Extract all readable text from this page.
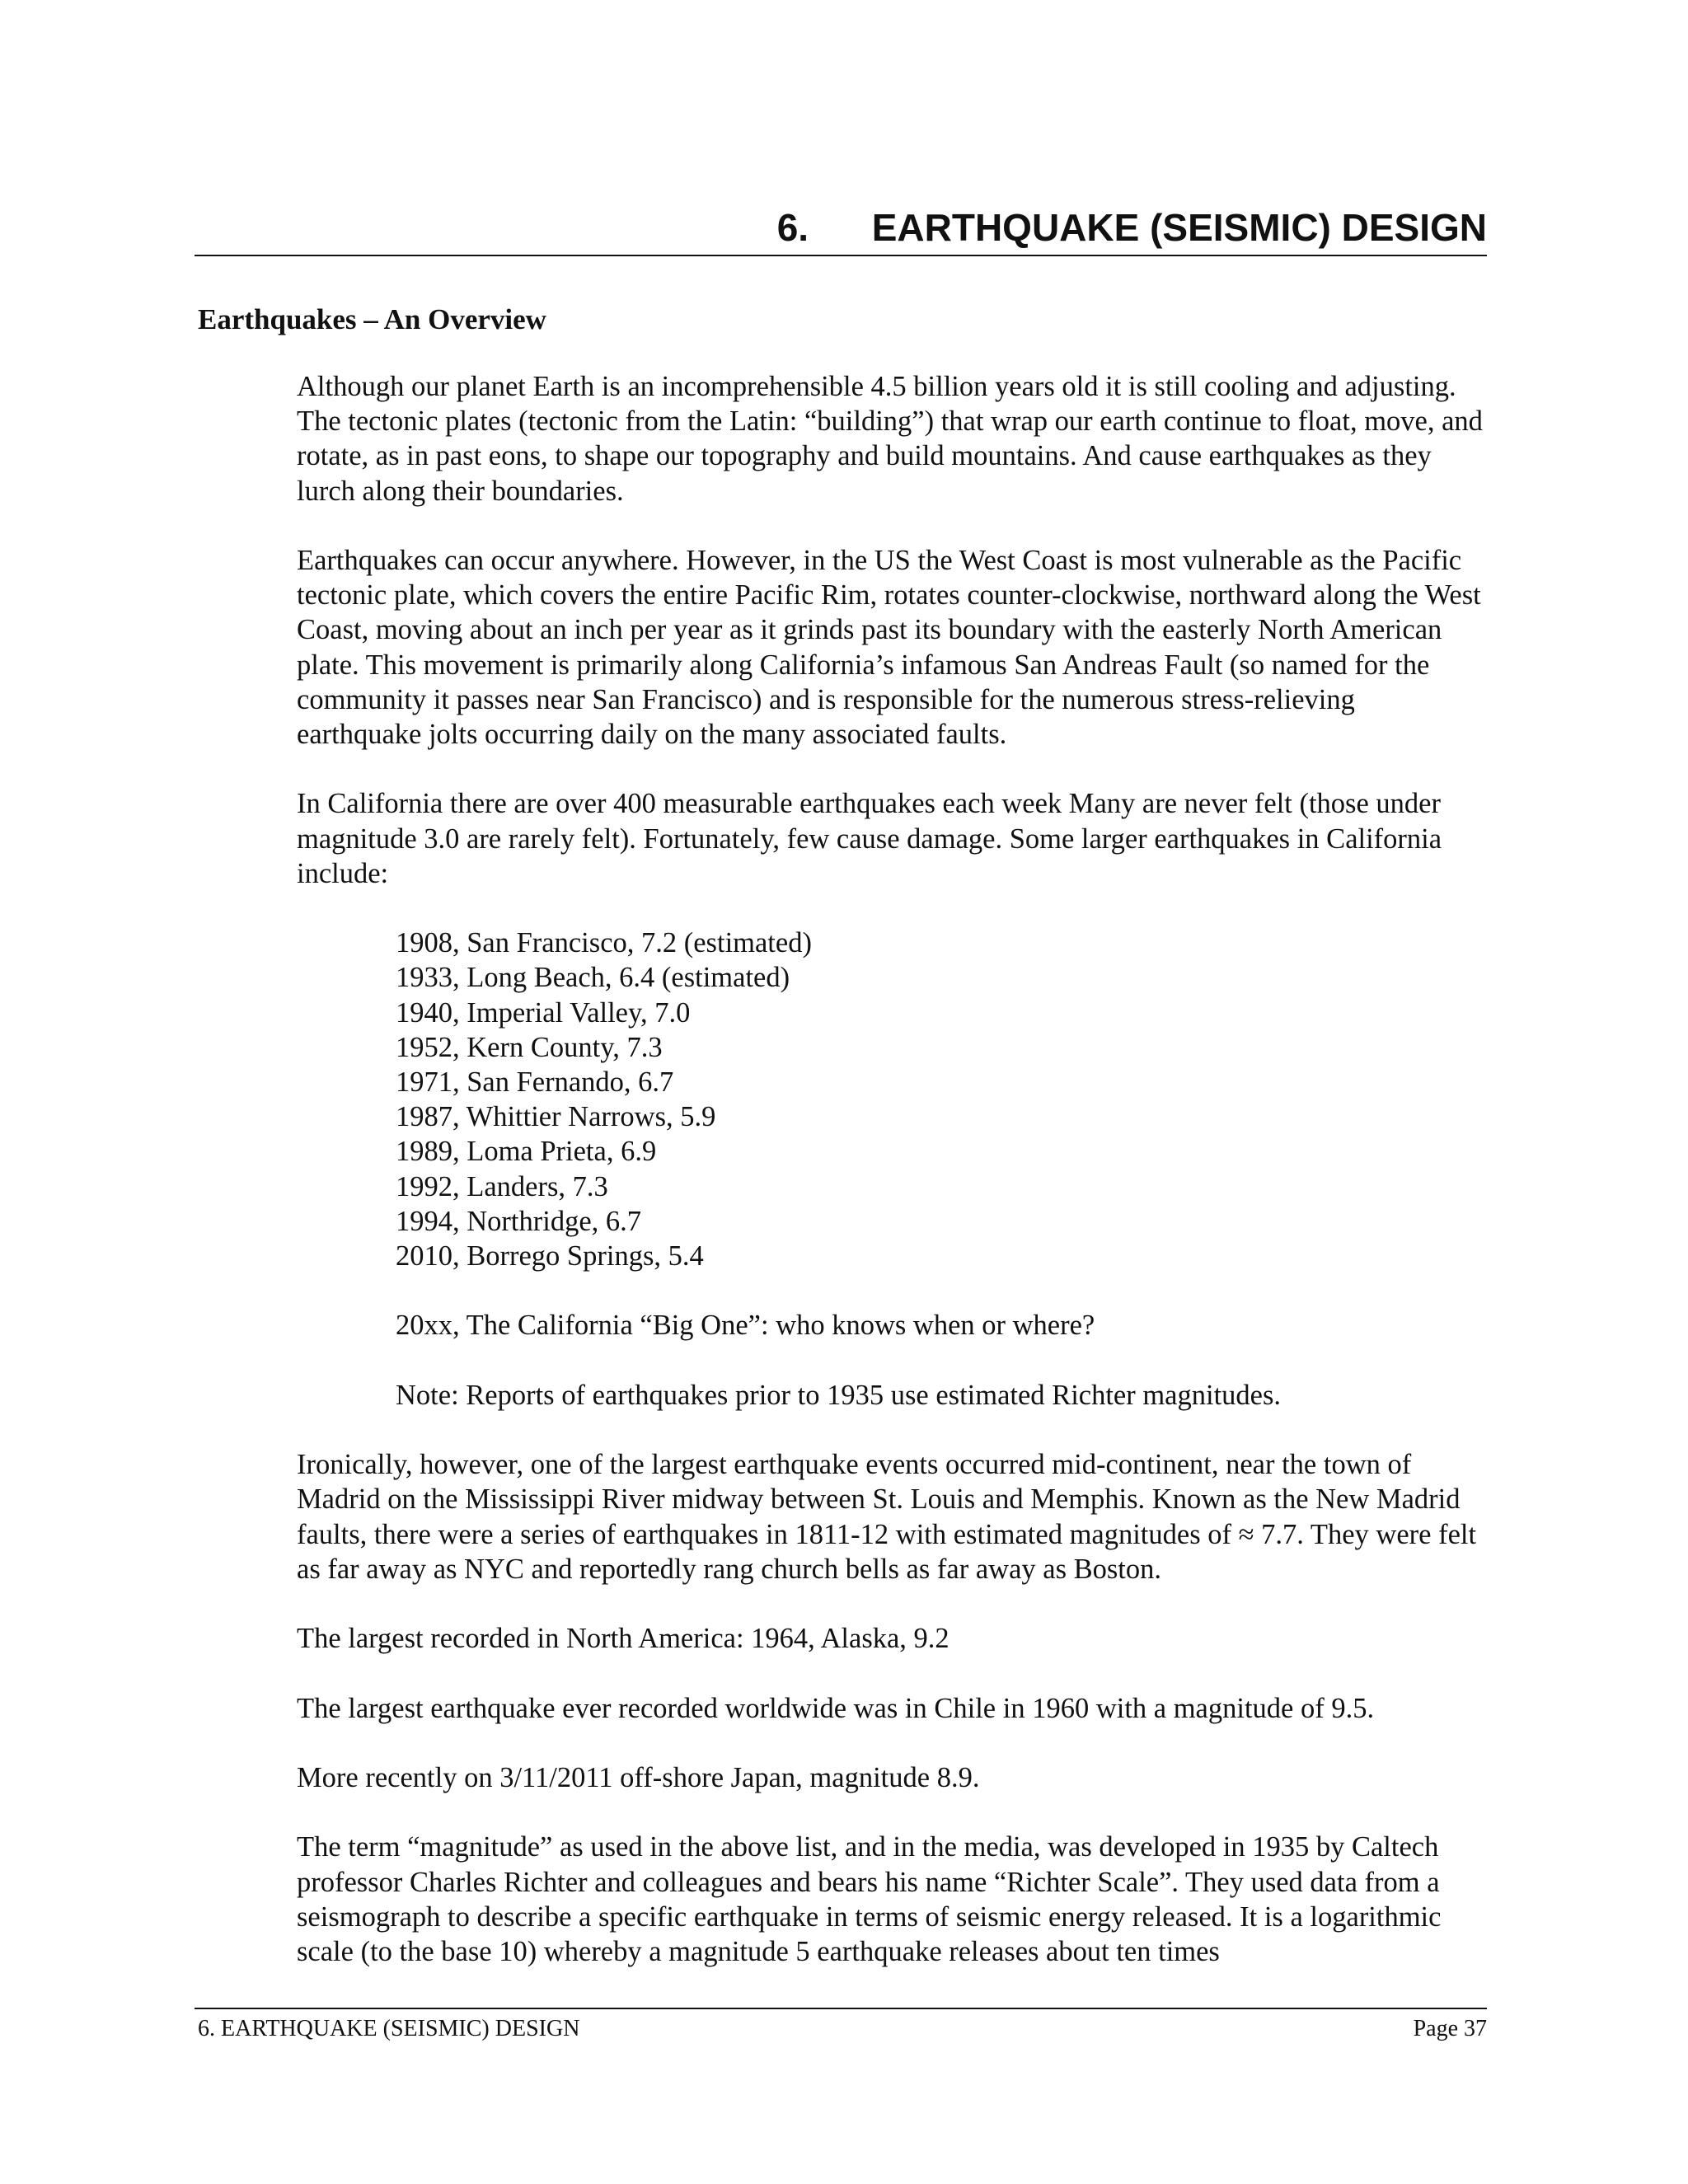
6.      EARTHQUAKE (SEISMIC) DESIGN
Earthquakes – An Overview

Although our planet Earth is an incomprehensible 4.5 billion years old it is still cooling and adjusting. The tectonic plates (tectonic from the Latin: “building”) that wrap our earth continue to float, move, and rotate, as in past eons, to shape our topography and build mountains. And cause earthquakes as they lurch along their boundaries.

Earthquakes can occur anywhere. However, in the US the West Coast is most vulnerable as the Pacific tectonic plate, which covers the entire Pacific Rim, rotates counter-clockwise, northward along the West Coast, moving about an inch per year as it grinds past its boundary with the easterly North American plate. This movement is primarily along California’s infamous San Andreas Fault (so named for the community it passes near San Francisco) and is responsible for the numerous stress-relieving earthquake jolts occurring daily on the many associated faults.

In California there are over 400 measurable earthquakes each week Many are never felt (those under magnitude 3.0 are rarely felt). Fortunately, few cause damage. Some larger earthquakes in California include:

1908, San Francisco, 7.2 (estimated)
1933, Long Beach, 6.4 (estimated)
1940, Imperial Valley, 7.0
1952, Kern County, 7.3
1971, San Fernando, 6.7
1987, Whittier Narrows, 5.9
1989, Loma Prieta, 6.9
1992, Landers, 7.3
1994, Northridge, 6.7
2010, Borrego Springs, 5.4

20xx, The California “Big One”: who knows when or where?

Note: Reports of earthquakes prior to 1935 use estimated Richter magnitudes.

Ironically, however, one of the largest earthquake events occurred mid-continent, near the town of Madrid on the Mississippi River midway between St. Louis and Memphis. Known as the New Madrid faults, there were a series of earthquakes in 1811-12 with estimated magnitudes of ≈ 7.7. They were felt as far away as NYC and reportedly rang church bells as far away as Boston.

The largest recorded in North America: 1964, Alaska, 9.2

The largest earthquake ever recorded worldwide was in Chile in 1960 with a magnitude of 9.5.

More recently on 3/11/2011 off-shore Japan, magnitude 8.9.

The term “magnitude” as used in the above list, and in the media, was developed in 1935 by Caltech professor Charles Richter and colleagues and bears his name “Richter Scale”. They used data from a seismograph to describe a specific earthquake in terms of seismic energy released. It is a logarithmic scale (to the base 10) whereby a magnitude 5 earthquake releases about ten times

6. EARTHQUAKE (SEISMIC) DESIGN	Page 37
